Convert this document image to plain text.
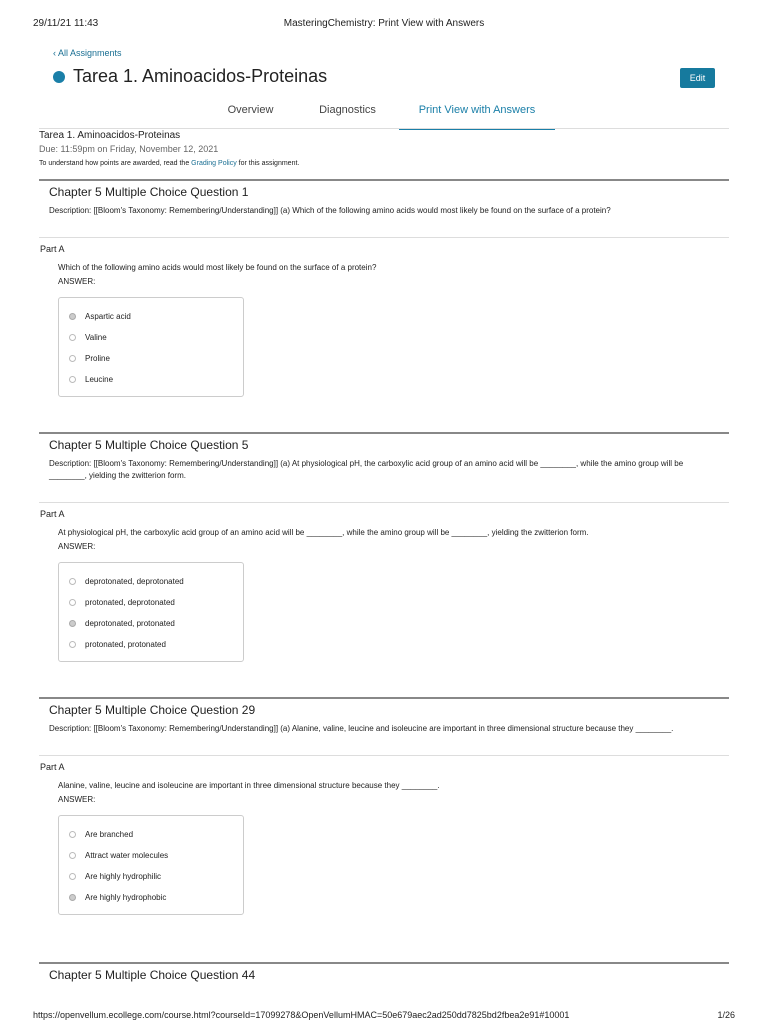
29/11/21 11:43	MasteringChemistry: Print View with Answers
‹ All Assignments
Tarea 1. Aminoacidos-Proteinas	Edit
Overview	Diagnostics	Print View with Answers
Tarea 1. Aminoacidos-Proteinas
Due: 11:59pm on Friday, November 12, 2021
To understand how points are awarded, read the Grading Policy for this assignment.
Chapter 5 Multiple Choice Question 1
Description: [[Bloom's Taxonomy: Remembering/Understanding]] (a) Which of the following amino acids would most likely be found on the surface of a protein?
Part A
Which of the following amino acids would most likely be found on the surface of a protein?
ANSWER:
Aspartic acid
Valine
Proline
Leucine
Chapter 5 Multiple Choice Question 5
Description: [[Bloom's Taxonomy: Remembering/Understanding]] (a) At physiological pH, the carboxylic acid group of an amino acid will be ________, while the amino group will be ________, yielding the zwitterion form.
Part A
At physiological pH, the carboxylic acid group of an amino acid will be ________, while the amino group will be ________, yielding the zwitterion form.
ANSWER:
deprotonated, deprotonated
protonated, deprotonated
deprotonated, protonated
protonated, protonated
Chapter 5 Multiple Choice Question 29
Description: [[Bloom's Taxonomy: Remembering/Understanding]] (a) Alanine, valine, leucine and isoleucine are important in three dimensional structure because they ________.
Part A
Alanine, valine, leucine and isoleucine are important in three dimensional structure because they ________.
ANSWER:
Are branched
Attract water molecules
Are highly hydrophilic
Are highly hydrophobic
Chapter 5 Multiple Choice Question 44
https://openvellum.ecollege.com/course.html?courseId=17099278&OpenVellumHMAC=50e679aec2ad250dd7825bd2fbea2e91#10001	1/26
